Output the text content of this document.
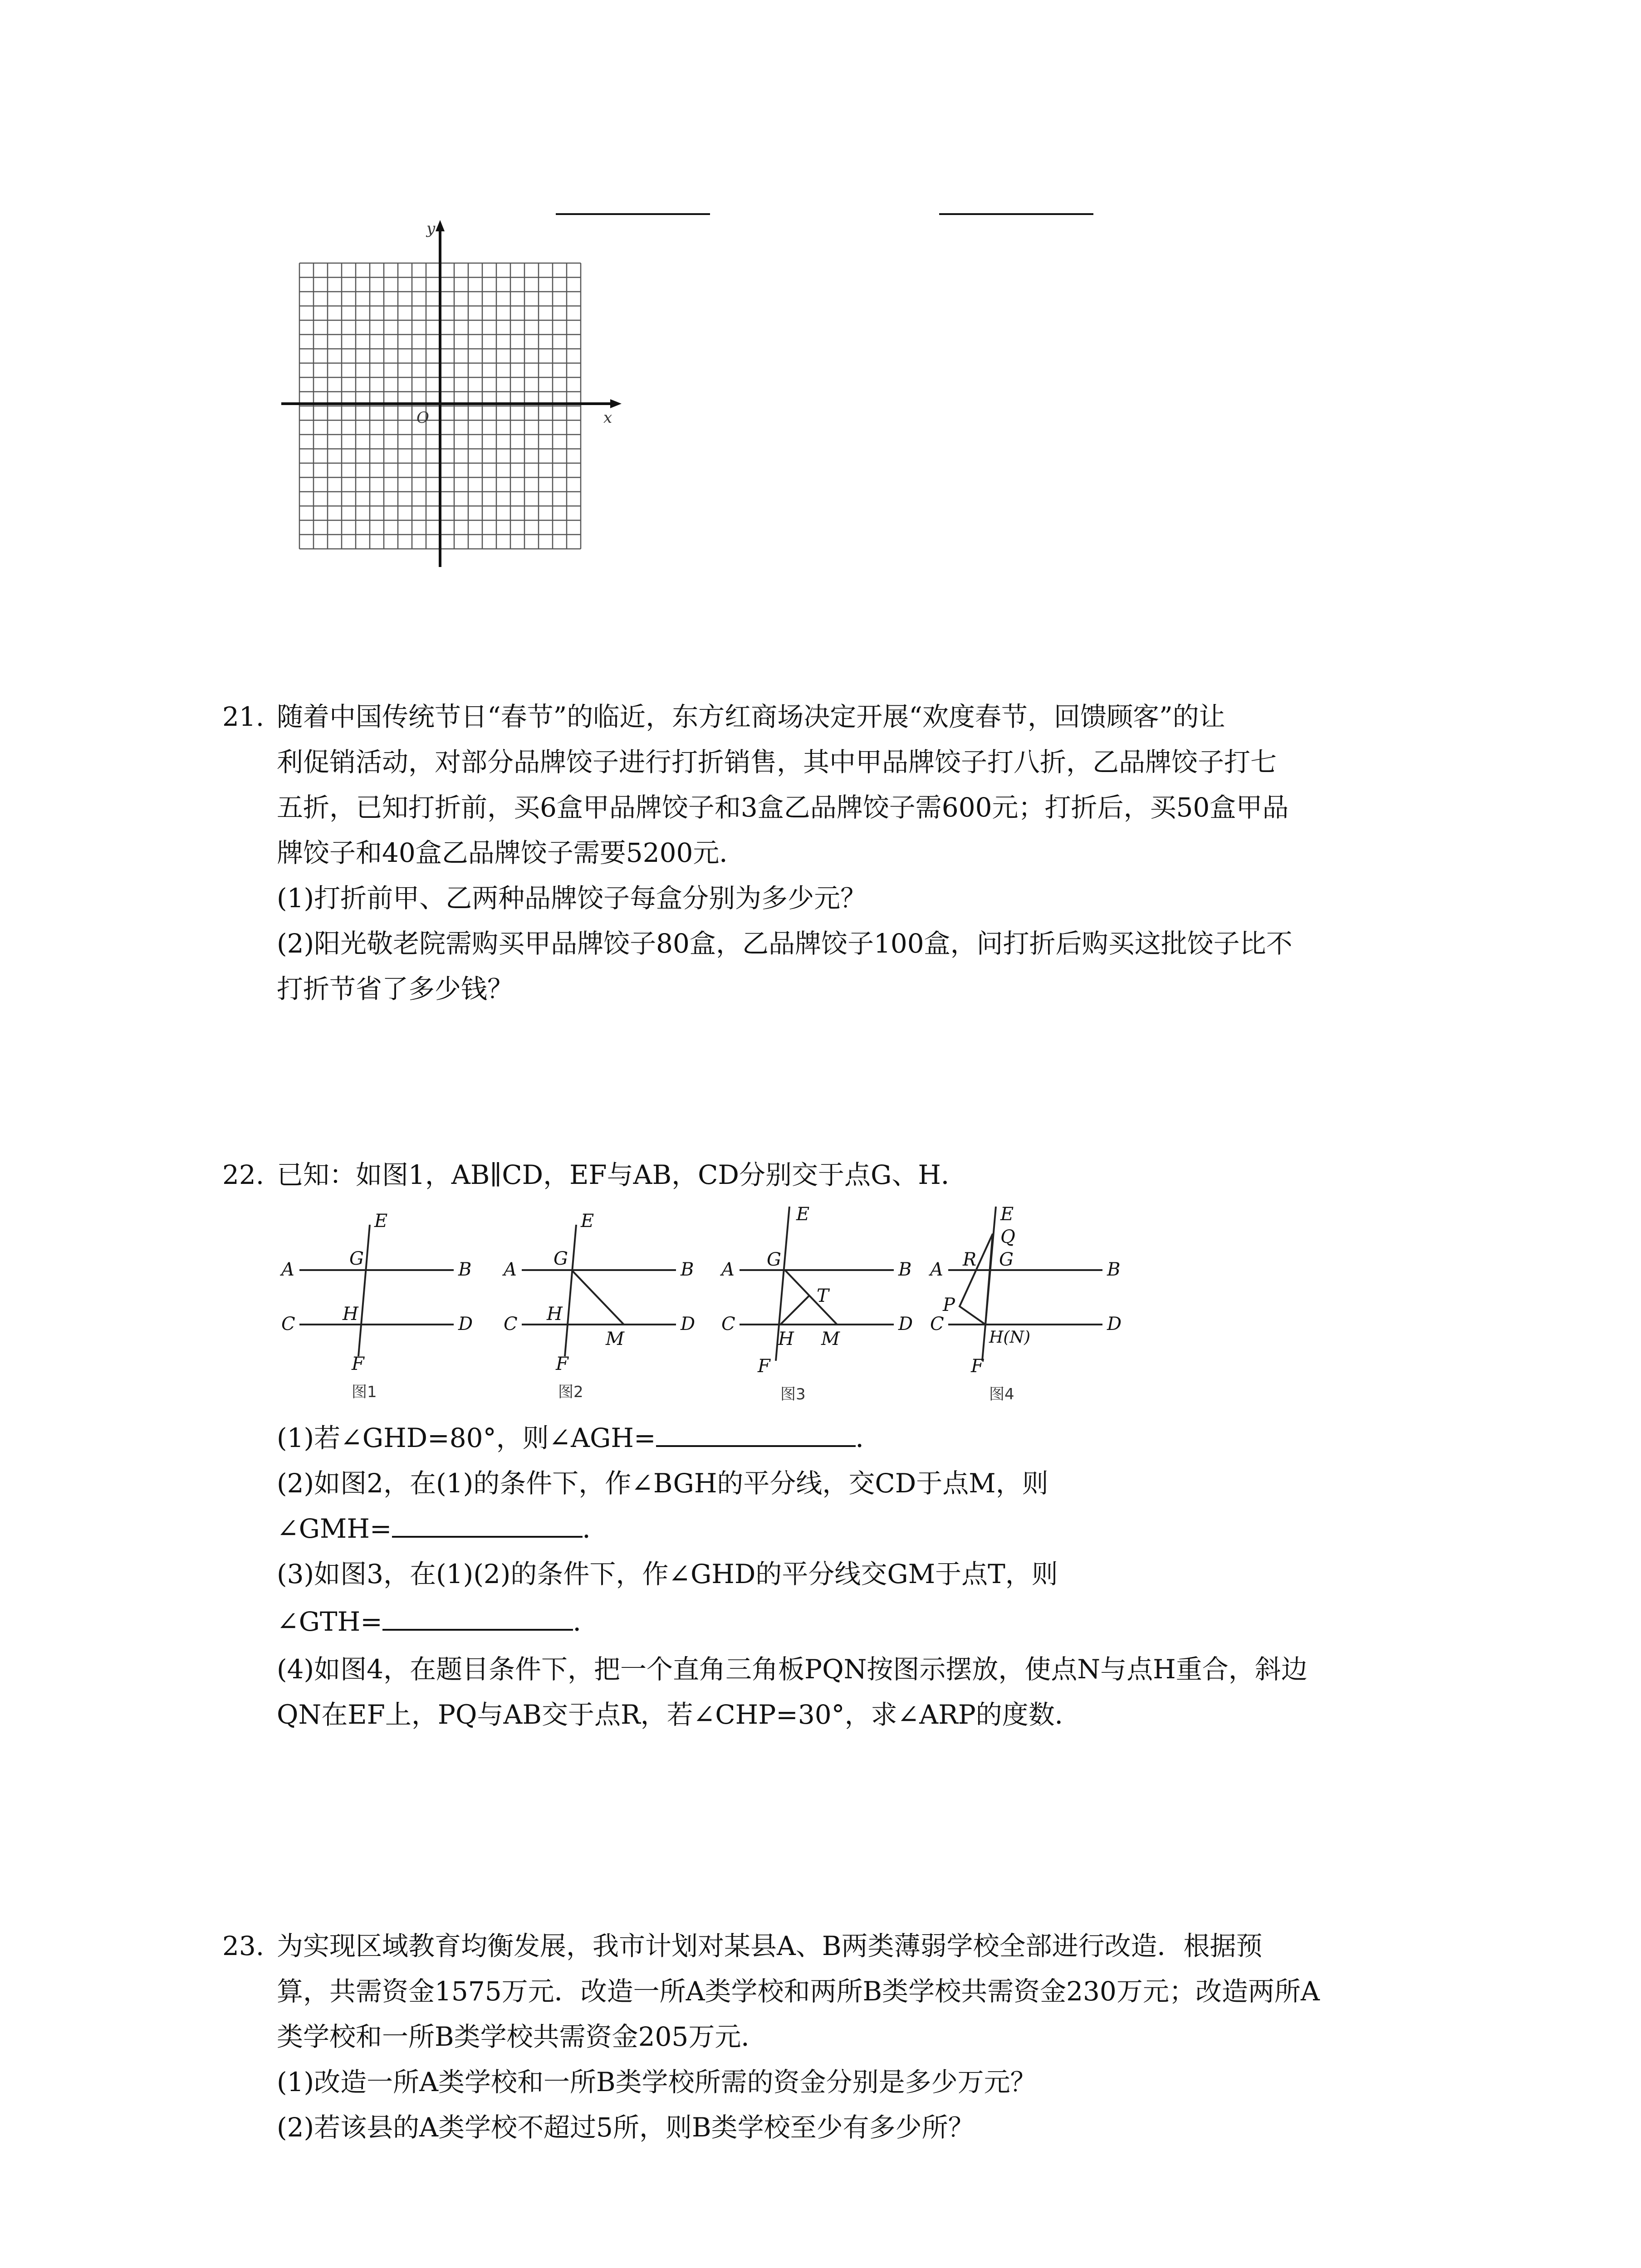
y
x
O
21. 随着中国传统节日“春节”的临近，东方红商场决定开展“欢度春节，回馈顾客”的让
利促销活动，对部分品牌饺子进行打折销售，其中甲品牌饺子打八折，乙品牌饺子打七
五折，已知打折前，买6盒甲品牌饺子和3盒乙品牌饺子需600元；打折后，买50盒甲品
牌饺子和40盒乙品牌饺子需要5200元．
(1)打折前甲、乙两种品牌饺子每盒分别为多少元？
(2)阳光敬老院需购买甲品牌饺子80盒，乙品牌饺子100盒，问打折后购买这批饺子比不
打折节省了多少钱？
22. 已知：如图1，AB∥CD，EF与AB，CD分别交于点G、H．
A	B
C	D
E
F
G
H
图1
A	B
C	D
E
F
G
H
M
图2
A	B
C	D
E
F
G
H
T
M
图3
A	B
C	D
E
Q
R G
P
H(N)
F
图4
(1)若∠GHD=80°，则∠AGH=	．
(2)如图2，在(1)的条件下，作∠BGH的平分线，交CD于点M，则
∠GMH=	．
(3)如图3，在(1)(2)的条件下，作∠GHD的平分线交GM于点T，则
∠GTH=	．
(4)如图4，在题目条件下，把一个直角三角板PQN按图示摆放，使点N与点H重合，斜边
QN在EF上，PQ与AB交于点R，若∠CHP=30°，求∠ARP的度数．
23. 为实现区域教育均衡发展，我市计划对某县A、B两类薄弱学校全部进行改造．根据预
算，共需资金1575万元．改造一所A类学校和两所B类学校共需资金230万元；改造两所A
类学校和一所B类学校共需资金205万元．
(1)改造一所A类学校和一所B类学校所需的资金分别是多少万元？
(2)若该县的A类学校不超过5所，则B类学校至少有多少所？
